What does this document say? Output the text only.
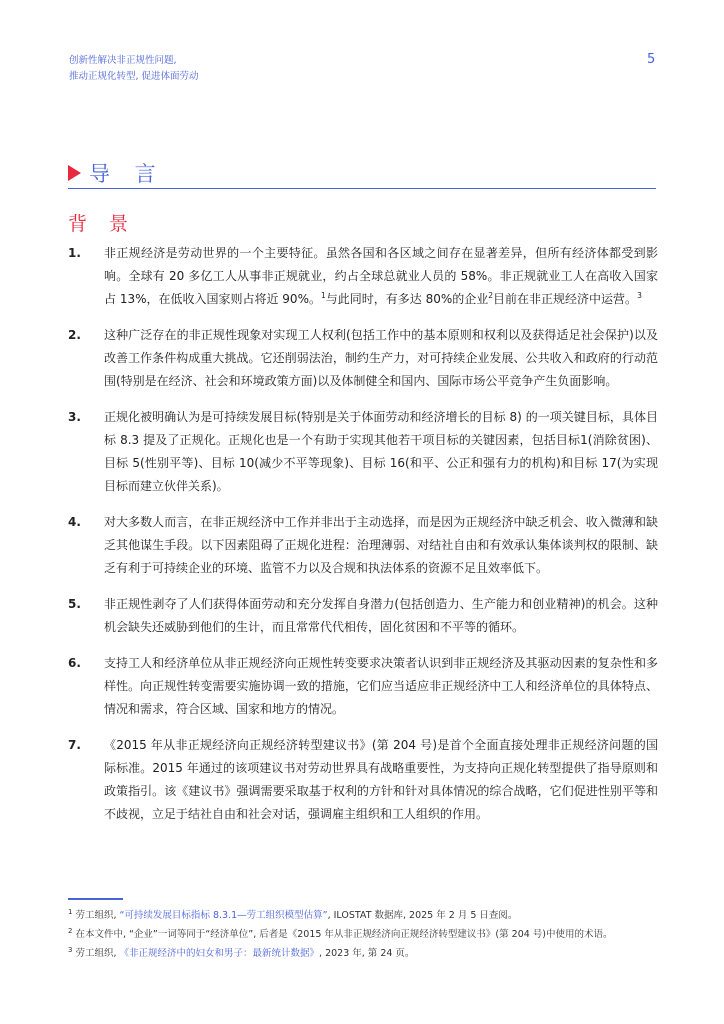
创新性解决非正规性问题,
推动正规化转型, 促进体面劳动
5
导 言
背 景
1.	非正规经济是劳动世界的一个主要特征。虽然各国和各区域之间存在显著差异，但所有经济体都受到影响。全球有 20 多亿工人从事非正规就业，约占全球总就业人员的 58%。非正规就业工人在高收入国家占 13%，在低收入国家则占将近 90%。$^1$与此同时，有多达 80%的企业$^2$目前在非正规经济中运营。$^3$
2.	这种广泛存在的非正规性现象对实现工人权利(包括工作中的基本原则和权利以及获得适足社会保护)以及改善工作条件构成重大挑战。它还削弱法治，制约生产力，对可持续企业发展、公共收入和政府的行动范围(特别是在经济、社会和环境政策方面)以及体制健全和国内、国际市场公平竞争产生负面影响。
3.	正规化被明确认为是可持续发展目标(特别是关于体面劳动和经济增长的目标 8) 的一项关键目标，具体目标 8.3 提及了正规化。正规化也是一个有助于实现其他若干项目标的关键因素，包括目标1(消除贫困)、目标 5(性别平等)、目标 10(减少不平等现象)、目标 16(和平、公正和强有力的机构)和目标 17(为实现目标而建立伙伴关系)。
4.	对大多数人而言，在非正规经济中工作并非出于主动选择，而是因为正规经济中缺乏机会、收入微薄和缺乏其他谋生手段。以下因素阻碍了正规化进程：治理薄弱、对结社自由和有效承认集体谈判权的限制、缺乏有利于可持续企业的环境、监管不力以及合规和执法体系的资源不足且效率低下。
5.	非正规性剥夺了人们获得体面劳动和充分发挥自身潜力(包括创造力、生产能力和创业精神)的机会。这种机会缺失还威胁到他们的生计，而且常常代代相传，固化贫困和不平等的循环。
6.	支持工人和经济单位从非正规经济向正规性转变要求决策者认识到非正规经济及其驱动因素的复杂性和多样性。向正规性转变需要实施协调一致的措施，它们应当适应非正规经济中工人和经济单位的具体特点、情况和需求，符合区域、国家和地方的情况。
7.	《2015 年从非正规经济向正规经济转型建议书》(第 204 号)是首个全面直接处理非正规经济问题的国际标准。2015 年通过的该项建议书对劳动世界具有战略重要性，为支持向正规化转型提供了指导原则和政策指引。该《建议书》强调需要采取基于权利的方针和针对具体情况的综合战略，它们促进性别平等和不歧视，立足于结社自由和社会对话，强调雇主组织和工人组织的作用。
$^1$ 劳工组织, “可持续发展目标指标 8.3.1—劳工组织模型估算”, ILOSTAT 数据库, 2025 年 2 月 5 日查阅。
$^2$ 在本文件中, “企业”一词等同于“经济单位”, 后者是《2015 年从非正规经济向正规经济转型建议书》(第 204 号)中使用的术语。
$^3$ 劳工组织, 《非正规经济中的妇女和男子：最新统计数据》, 2023 年, 第 24 页。
